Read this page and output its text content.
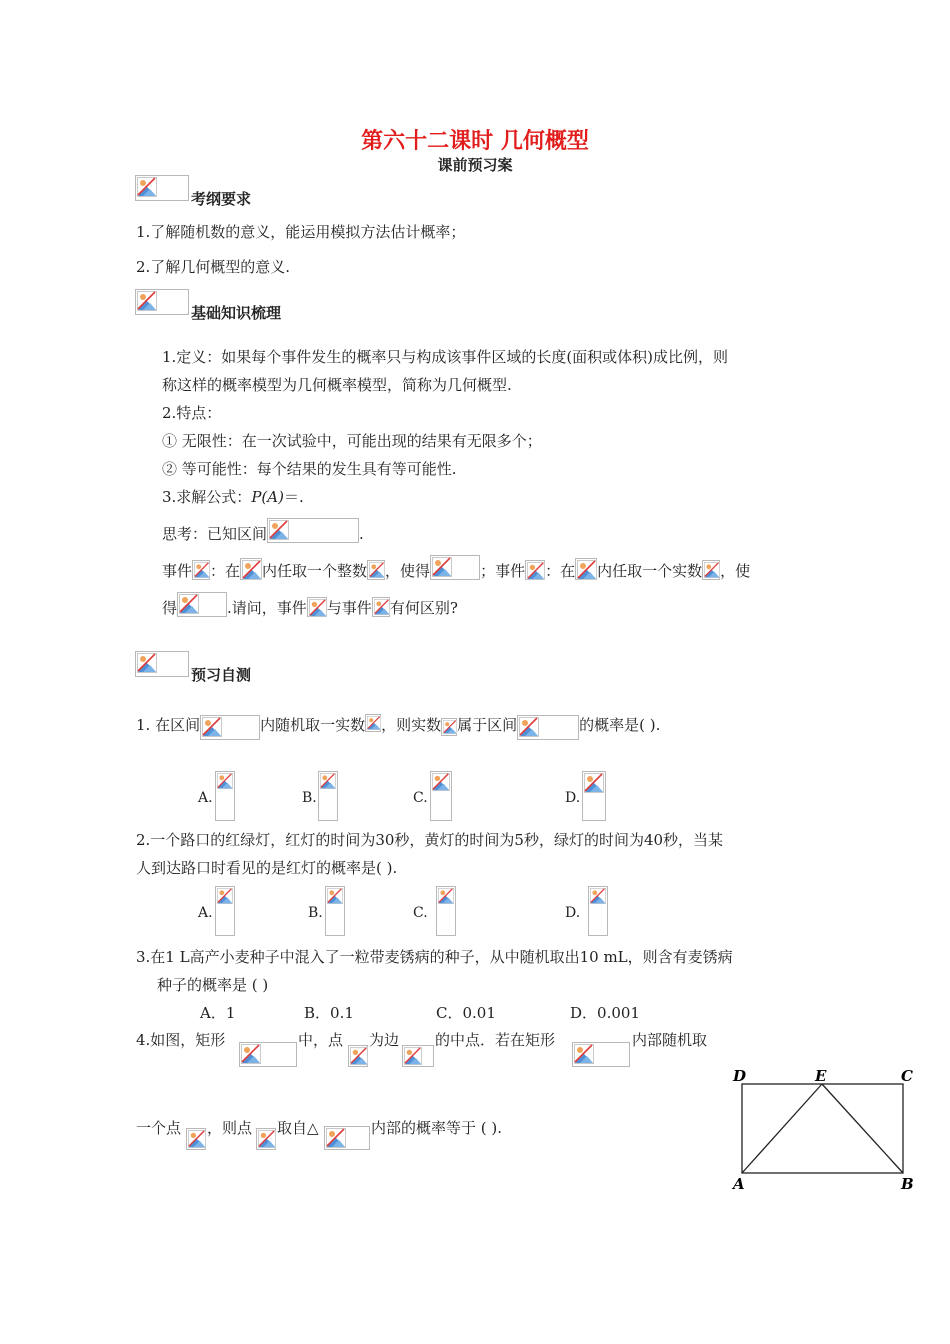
第六十二课时 几何概型
课前预习案
考纲要求
1.了解随机数的意义，能运用模拟方法估计概率；
2.了解几何概型的意义.
基础知识梳理
1.定义：如果每个事件发生的概率只与构成该事件区域的长度(面积或体积)成比例，则
称这样的概率模型为几何概率模型，简称为几何概型.
2.特点：
① 无限性：在一次试验中，可能出现的结果有无限多个；
② 等可能性：每个结果的发生具有等可能性.
3.求解公式：P(A)＝.
思考：已知区间	.
事件 ：在 内任取一个整数 ，使得	；事件 ：在 内任取一个实数 ，使
得	.请问，事件 与事件 有何区别?
预习自测
1. 在区间	内随机取一实数 ，则实数 属于区间	的概率是( ).
A.	B.	C.	D.
2.一个路口的红绿灯，红灯的时间为30秒，黄灯的时间为5秒，绿灯的时间为40秒，当某
人到达路口时看见的是红灯的概率是( ).
A.	B.	C.	D.
3.在1 L高产小麦种子中混入了一粒带麦锈病的种子，从中随机取出10 mL，则含有麦锈病
种子的概率是 ( )
A．1	B．0.1	C．0.01	D．0.001
4.如图，矩形	中，点 为边 的中点．若在矩形	内部随机取
一个点 ，则点 取自△	内部的概率等于 ( ).
D	E	C
A	B
